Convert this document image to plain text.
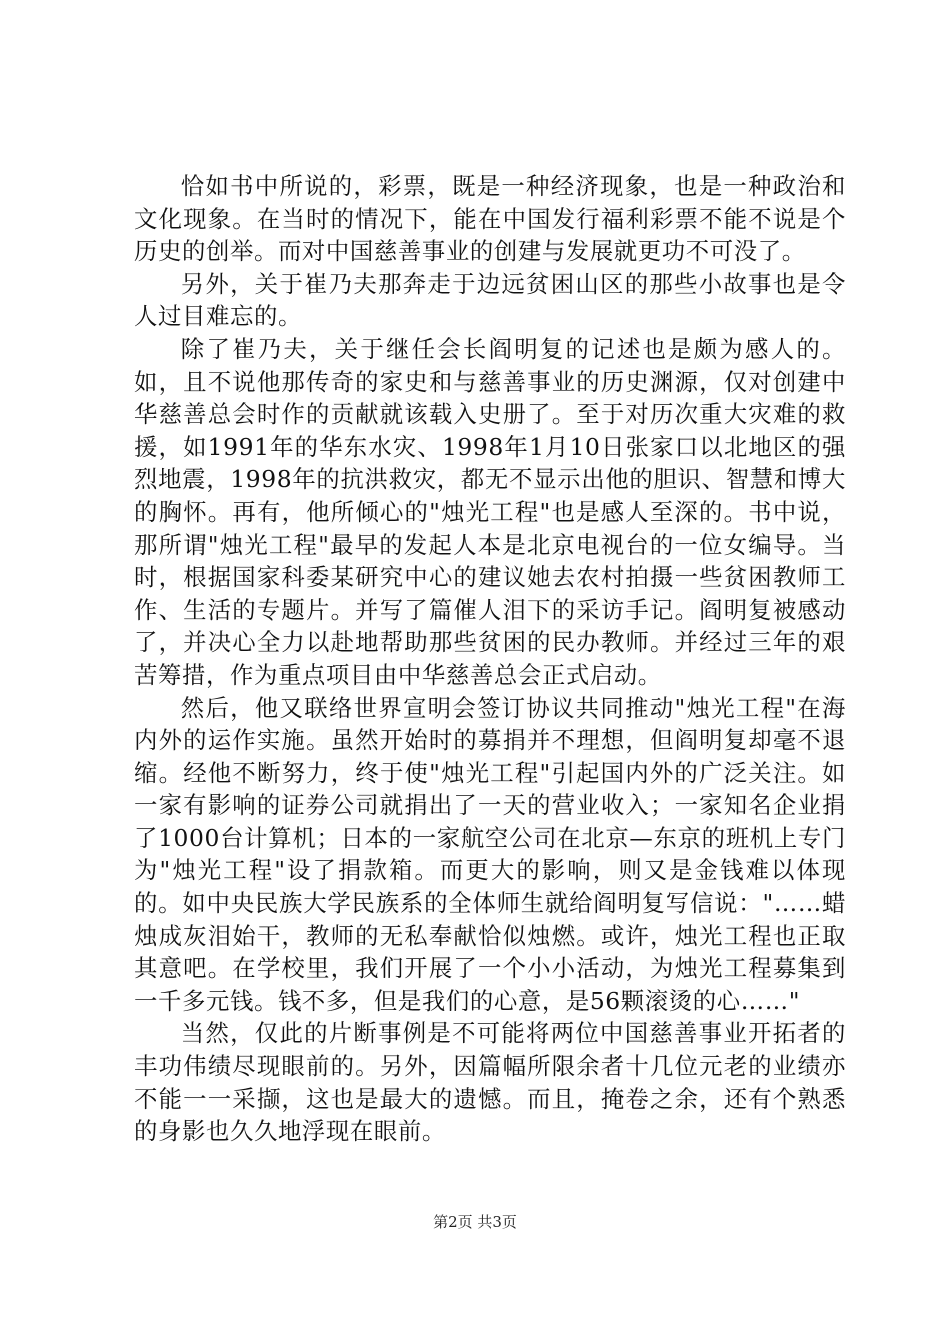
恰如书中所说的，彩票，既是一种经济现象，也是一种政治和文化现象。在当时的情况下，能在中国发行福利彩票不能不说是个历史的创举。而对中国慈善事业的创建与发展就更功不可没了。

另外，关于崔乃夫那奔走于边远贫困山区的那些小故事也是令人过目难忘的。

除了崔乃夫，关于继任会长阎明复的记述也是颇为感人的。如，且不说他那传奇的家史和与慈善事业的历史渊源，仅对创建中华慈善总会时作的贡献就该载入史册了。至于对历次重大灾难的救援，如1991年的华东水灾、1998年1月10日张家口以北地区的强烈地震，1998年的抗洪救灾，都无不显示出他的胆识、智慧和博大的胸怀。再有，他所倾心的"烛光工程"也是感人至深的。书中说，那所谓"烛光工程"最早的发起人本是北京电视台的一位女编导。当时，根据国家科委某研究中心的建议她去农村拍摄一些贫困教师工作、生活的专题片。并写了篇催人泪下的采访手记。阎明复被感动了，并决心全力以赴地帮助那些贫困的民办教师。并经过三年的艰苦筹措，作为重点项目由中华慈善总会正式启动。

然后，他又联络世界宣明会签订协议共同推动"烛光工程"在海内外的运作实施。虽然开始时的募捐并不理想，但阎明复却毫不退缩。经他不断努力，终于使"烛光工程"引起国内外的广泛关注。如一家有影响的证券公司就捐出了一天的营业收入；一家知名企业捐了1000台计算机；日本的一家航空公司在北京—东京的班机上专门为"烛光工程"设了捐款箱。而更大的影响，则又是金钱难以体现的。如中央民族大学民族系的全体师生就给阎明复写信说："……蜡烛成灰泪始干，教师的无私奉献恰似烛燃。或许，烛光工程也正取其意吧。在学校里，我们开展了一个小小活动，为烛光工程募集到一千多元钱。钱不多，但是我们的心意，是56颗滚烫的心……"

当然，仅此的片断事例是不可能将两位中国慈善事业开拓者的丰功伟绩尽现眼前的。另外，因篇幅所限余者十几位元老的业绩亦不能一一采撷，这也是最大的遗憾。而且，掩卷之余，还有个熟悉的身影也久久地浮现在眼前。

第2页 共3页
